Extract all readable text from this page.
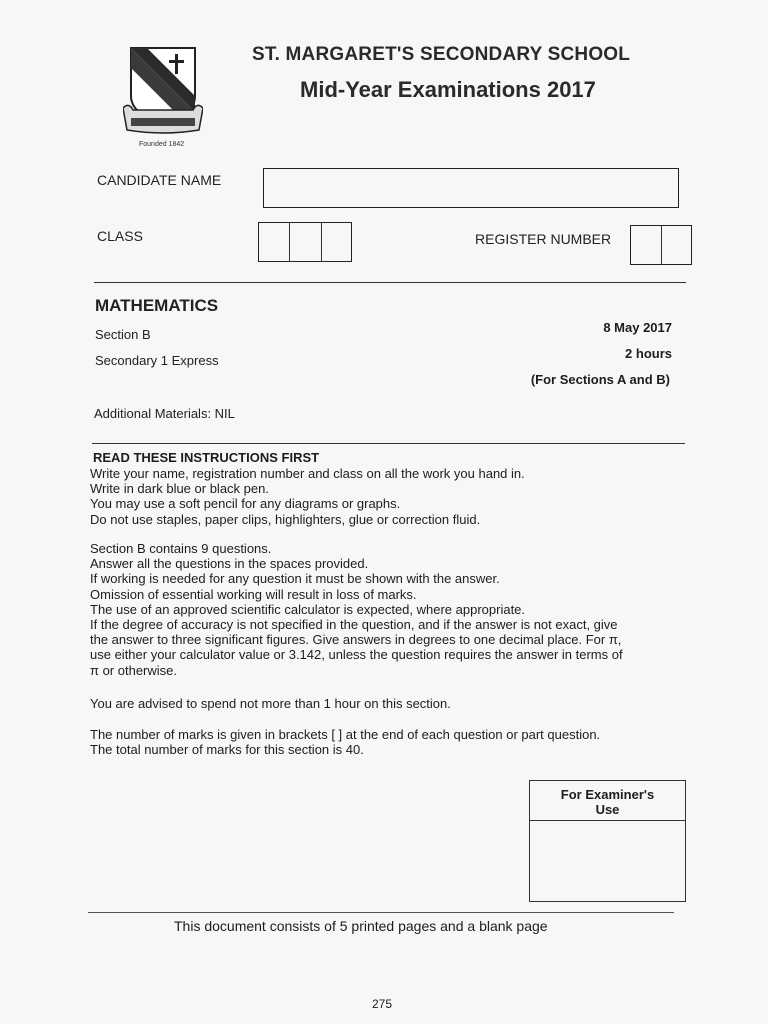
Founded 1842
ST. MARGARET'S SECONDARY SCHOOL
Mid-Year Examinations 2017
CANDIDATE NAME
CLASS	REGISTER NUMBER
MATHEMATICS
Section B
Secondary 1 Express
8 May 2017
2 hours
(For Sections A and B)
Additional Materials: NIL
READ THESE INSTRUCTIONS FIRST
Write your name, registration number and class on all the work you hand in.
Write in dark blue or black pen.
You may use a soft pencil for any diagrams or graphs.
Do not use staples, paper clips, highlighters, glue or correction fluid.
Section B contains 9 questions.
Answer all the questions in the spaces provided.
If working is needed for any question it must be shown with the answer.
Omission of essential working will result in loss of marks.
The use of an approved scientific calculator is expected, where appropriate.
If the degree of accuracy is not specified in the question, and if the answer is not exact, give
the answer to three significant figures. Give answers in degrees to one decimal place. For π,
use either your calculator value or 3.142, unless the question requires the answer in terms of
π or otherwise.
You are advised to spend not more than 1 hour on this section.
The number of marks is given in brackets [ ] at the end of each question or part question.
The total number of marks for this section is 40.
For Examiner's Use
This document consists of 5 printed pages and a blank page
275
